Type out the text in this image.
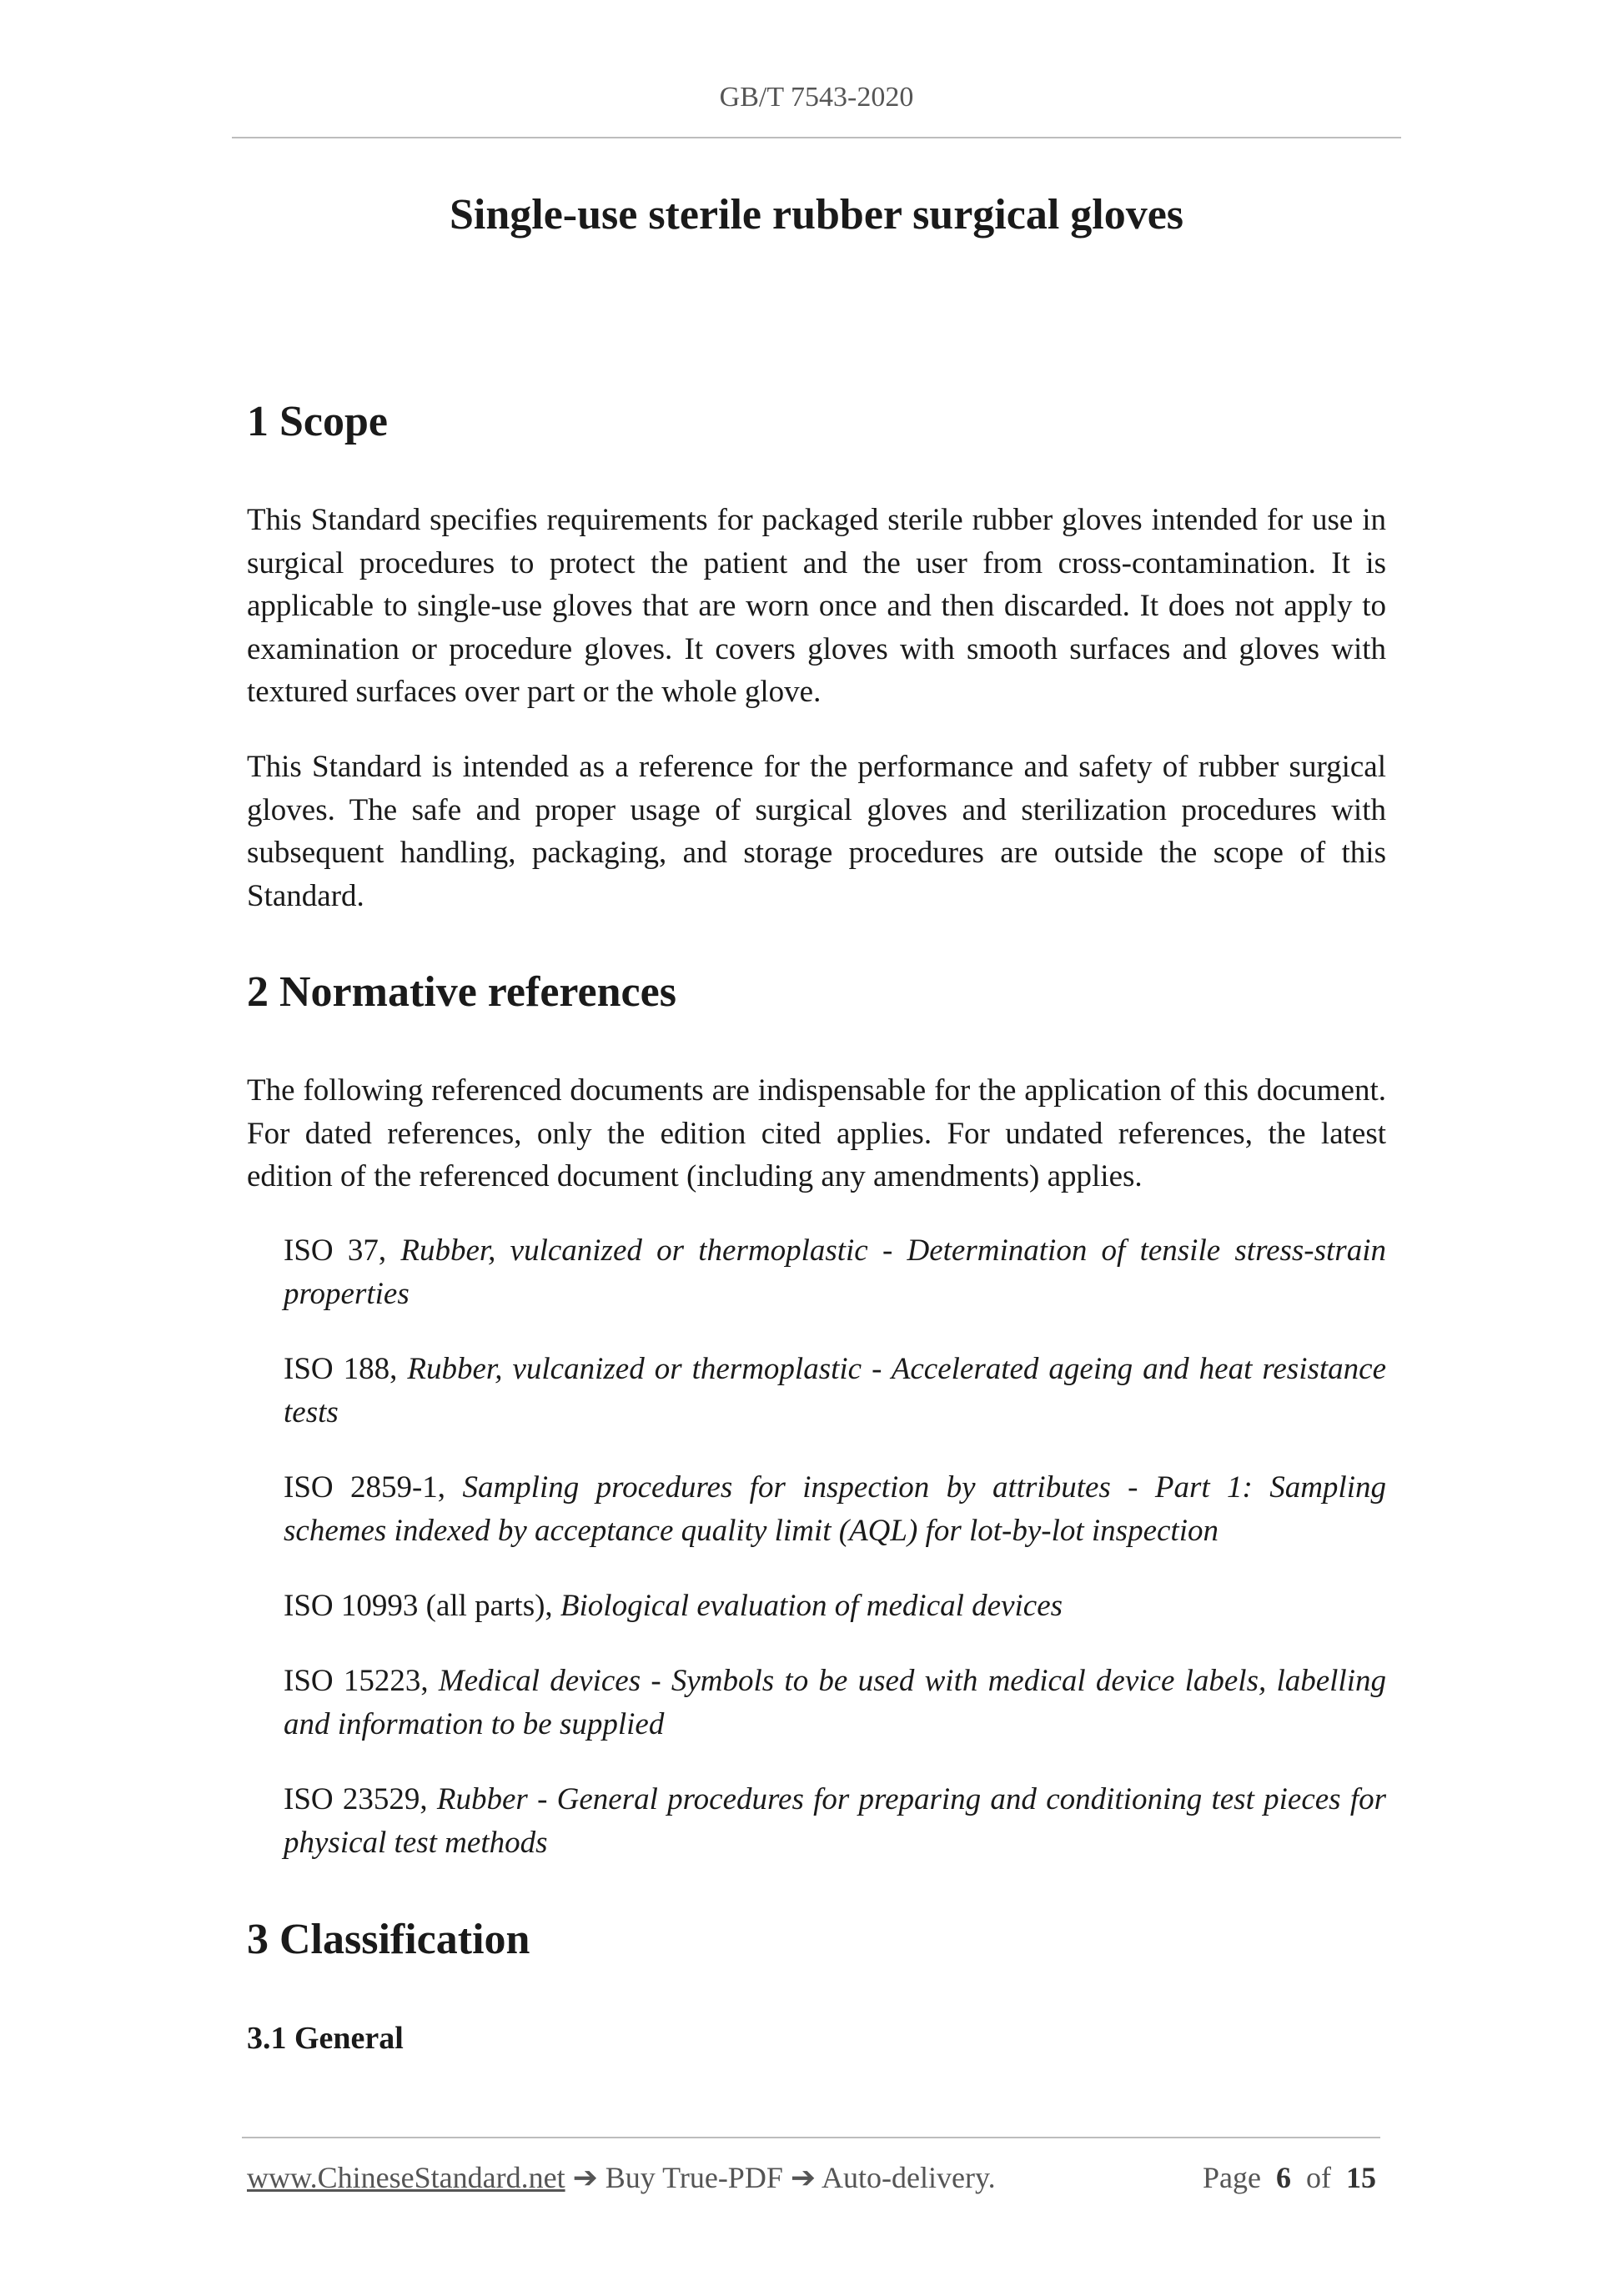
GB/T 7543-2020
Single-use sterile rubber surgical gloves
1 Scope

This Standard specifies requirements for packaged sterile rubber gloves intended for use in surgical procedures to protect the patient and the user from cross-contamination. It is applicable to single-use gloves that are worn once and then discarded. It does not apply to examination or procedure gloves. It covers gloves with smooth surfaces and gloves with textured surfaces over part or the whole glove.

This Standard is intended as a reference for the performance and safety of rubber surgical gloves. The safe and proper usage of surgical gloves and sterilization procedures with subsequent handling, packaging, and storage procedures are outside the scope of this Standard.

2 Normative references

The following referenced documents are indispensable for the application of this document. For dated references, only the edition cited applies. For undated references, the latest edition of the referenced document (including any amendments) applies.

ISO 37, Rubber, vulcanized or thermoplastic - Determination of tensile stress-strain properties

ISO 188, Rubber, vulcanized or thermoplastic - Accelerated ageing and heat resistance tests

ISO 2859-1, Sampling procedures for inspection by attributes - Part 1: Sampling schemes indexed by acceptance quality limit (AQL) for lot-by-lot inspection

ISO 10993 (all parts), Biological evaluation of medical devices

ISO 15223, Medical devices - Symbols to be used with medical device labels, labelling and information to be supplied

ISO 23529, Rubber - General procedures for preparing and conditioning test pieces for physical test methods

3 Classification
3.1 General
www.ChineseStandard.net ➔ Buy True-PDF ➔ Auto-delivery.	Page 6 of 15
